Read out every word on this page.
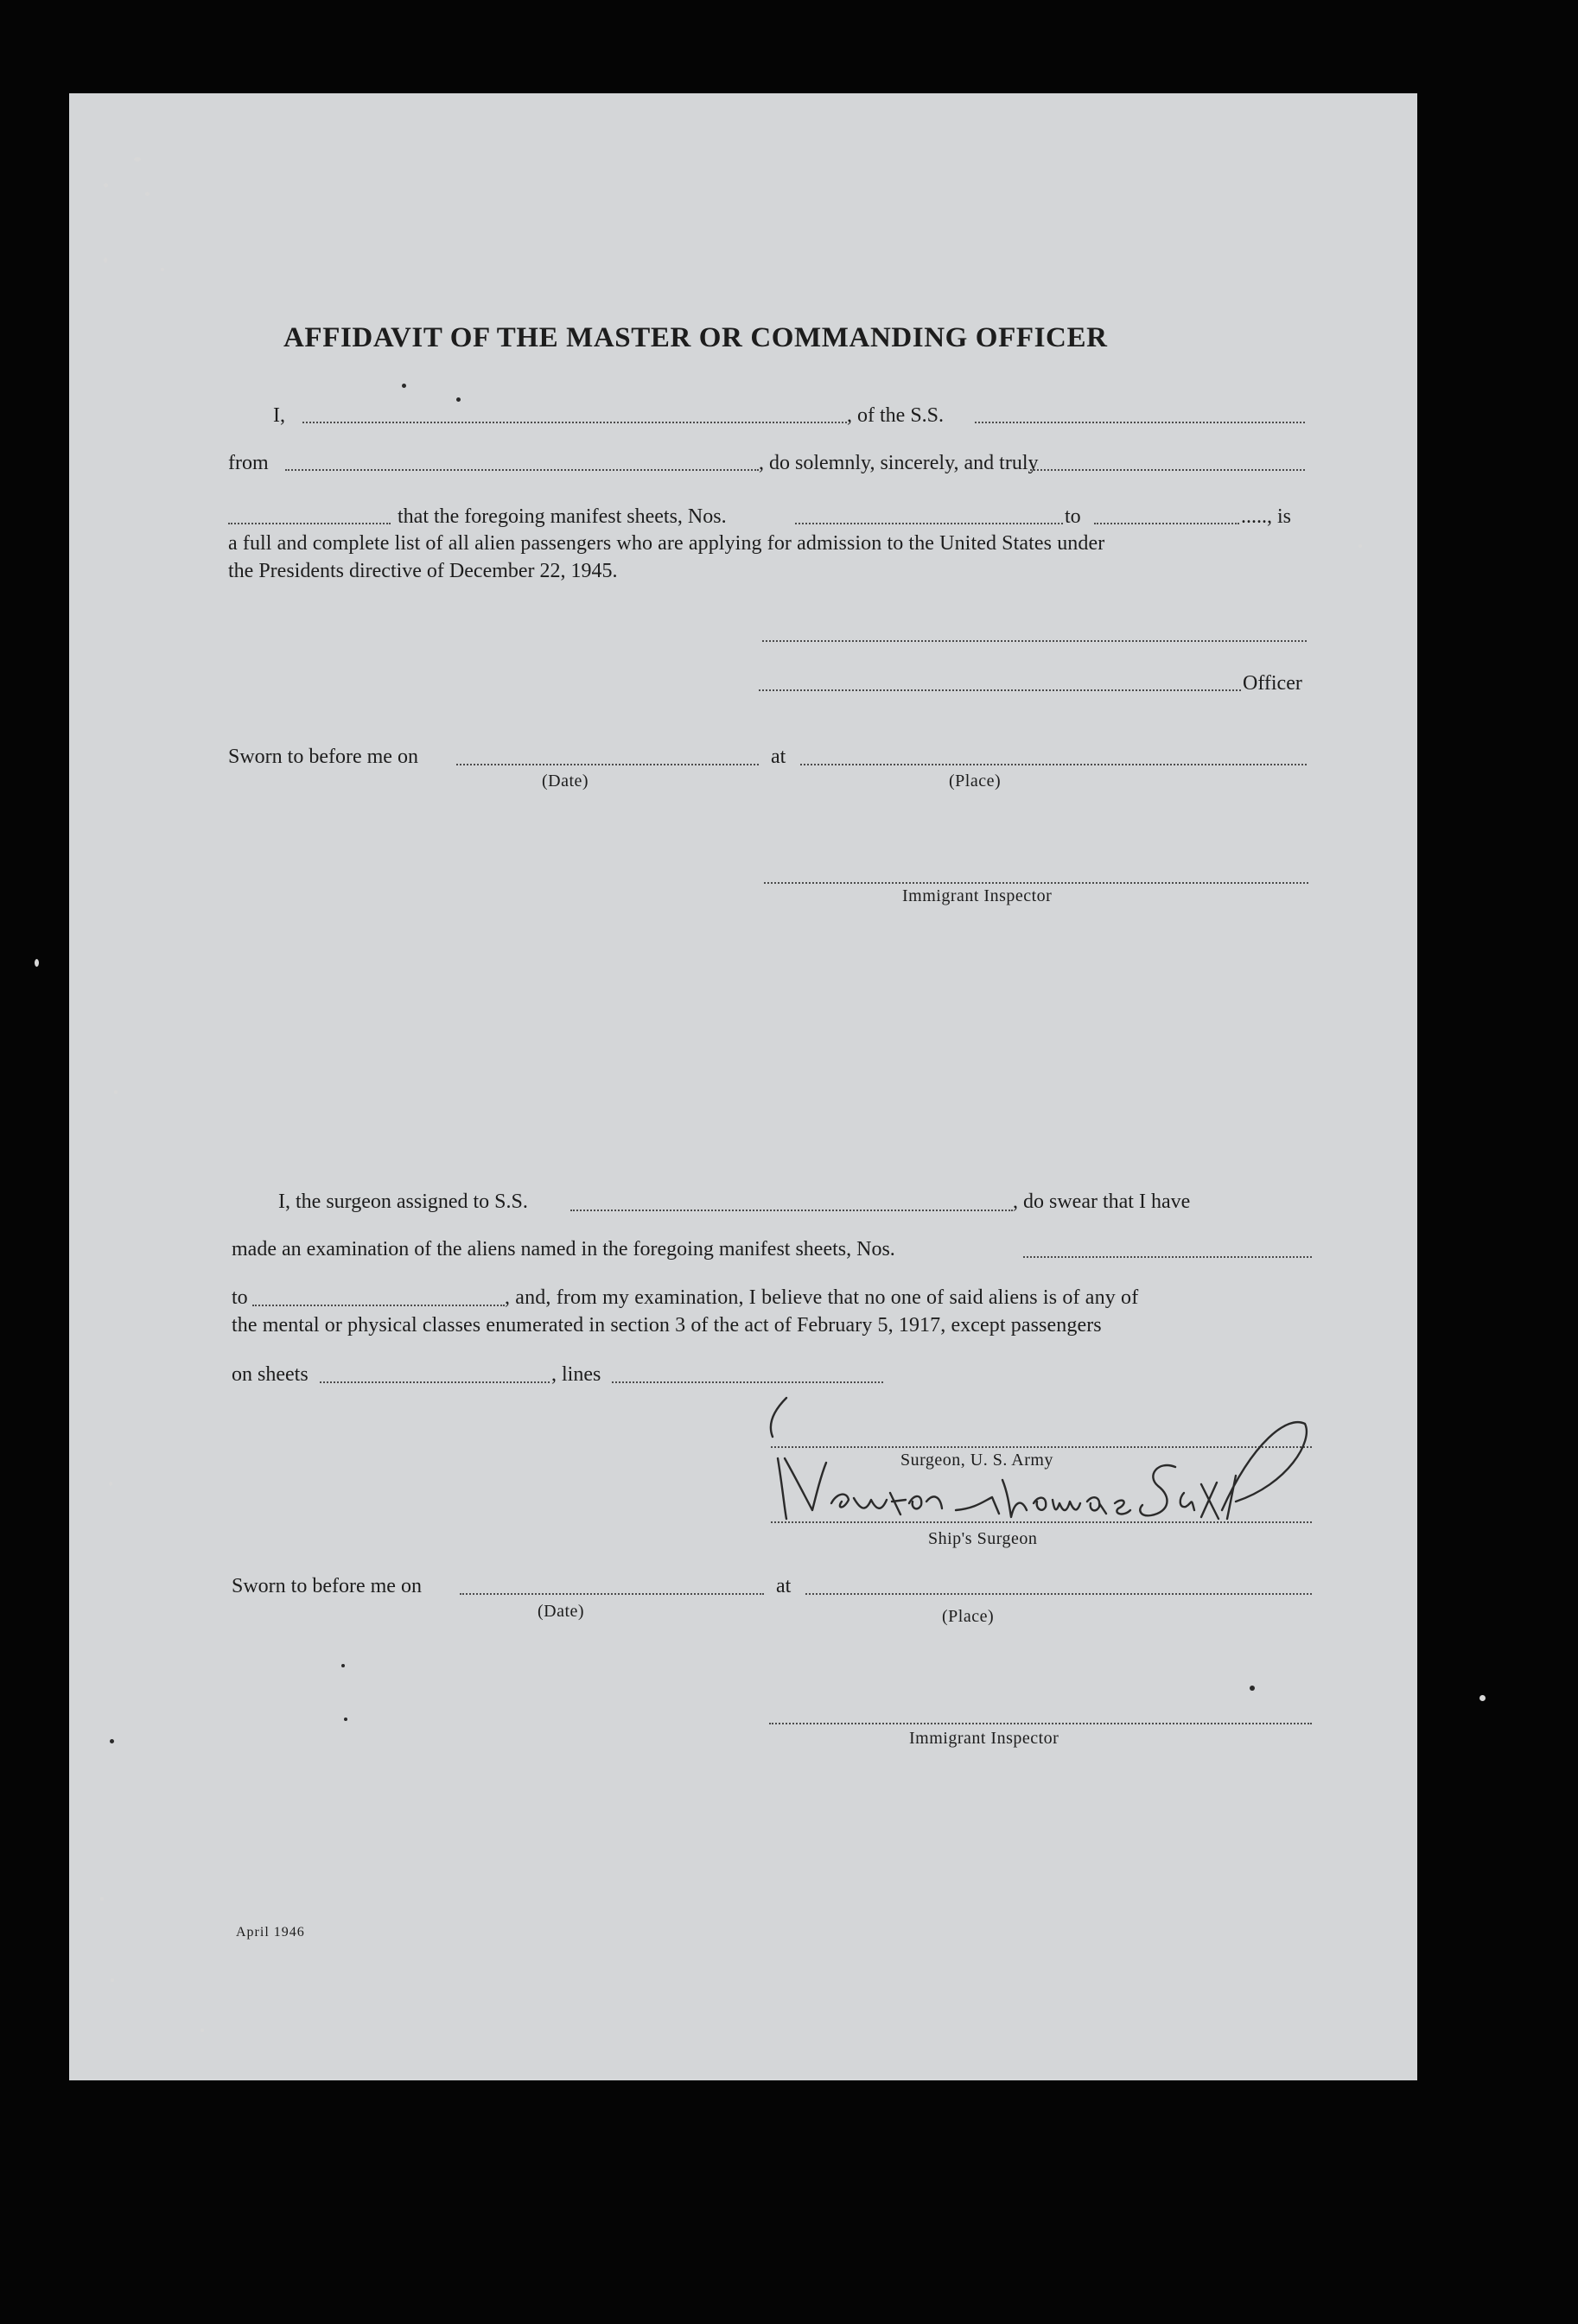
AFFIDAVIT OF THE MASTER OR COMMANDING OFFICER
I,	, of the S.S.
from	, do solemnly, sincerely, and truly
that the foregoing manifest sheets, Nos.	to	....., is
a full and complete list of all alien passengers who are applying for admission to the United States under
the Presidents directive of December 22, 1945.
Officer
Sworn to before me on	at
(Date)	(Place)
Immigrant Inspector
I, the surgeon assigned to S.S.	, do swear that I have
made an examination of the aliens named in the foregoing manifest sheets, Nos.
to	, and, from my examination, I believe that no one of said aliens is of any of
the mental or physical classes enumerated in section 3 of the act of February 5, 1917, except passengers
on sheets	, lines
Surgeon, U. S. Army
Ship's Surgeon
Sworn to before me on	at
(Date)	(Place)
Immigrant Inspector
April 1946
